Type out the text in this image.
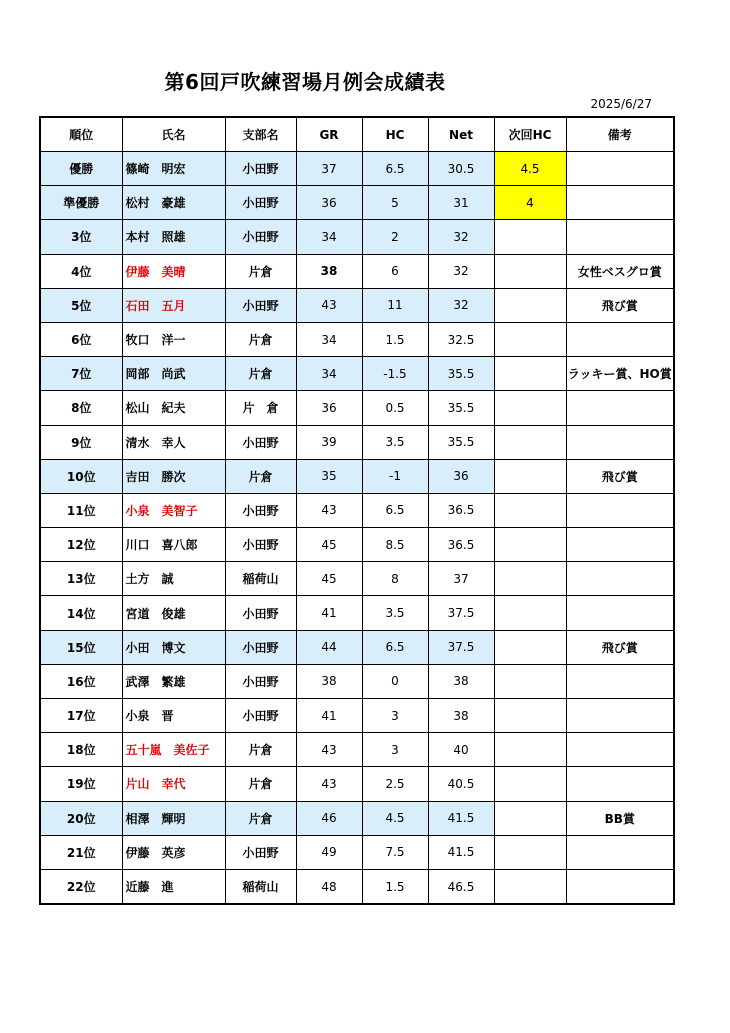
第6回戸吹練習場月例会成績表
2025/6/27
順位	氏名	支部名	GR	HC	Net	次回HC	備考
優勝	篠崎　明宏	小田野	37	6.5	30.5	4.5	
準優勝	松村　豪雄	小田野	36	5	31	4	
3位	本村　照雄	小田野	34	2	32		
4位	伊藤　美晴	片倉	38	6	32		女性ベスグロ賞
5位	石田　五月	小田野	43	11	32		飛び賞
6位	牧口　洋一	片倉	34	1.5	32.5		
7位	岡部　尚武	片倉	34	-1.5	35.5		ラッキー賞、HO賞
8位	松山　紀夫	片　倉	36	0.5	35.5		
9位	清水　幸人	小田野	39	3.5	35.5		
10位	吉田　勝次	片倉	35	-1	36		飛び賞
11位	小泉　美智子	小田野	43	6.5	36.5		
12位	川口　喜八郎	小田野	45	8.5	36.5		
13位	土方　誠	稲荷山	45	8	37		
14位	宮道　俊雄	小田野	41	3.5	37.5		
15位	小田　博文	小田野	44	6.5	37.5		飛び賞
16位	武澤　繁雄	小田野	38	0	38		
17位	小泉　晋	小田野	41	3	38		
18位	五十嵐　美佐子	片倉	43	3	40		
19位	片山　幸代	片倉	43	2.5	40.5		
20位	相澤　輝明	片倉	46	4.5	41.5		BB賞
21位	伊藤　英彦	小田野	49	7.5	41.5		
22位	近藤　進	稲荷山	48	1.5	46.5		
